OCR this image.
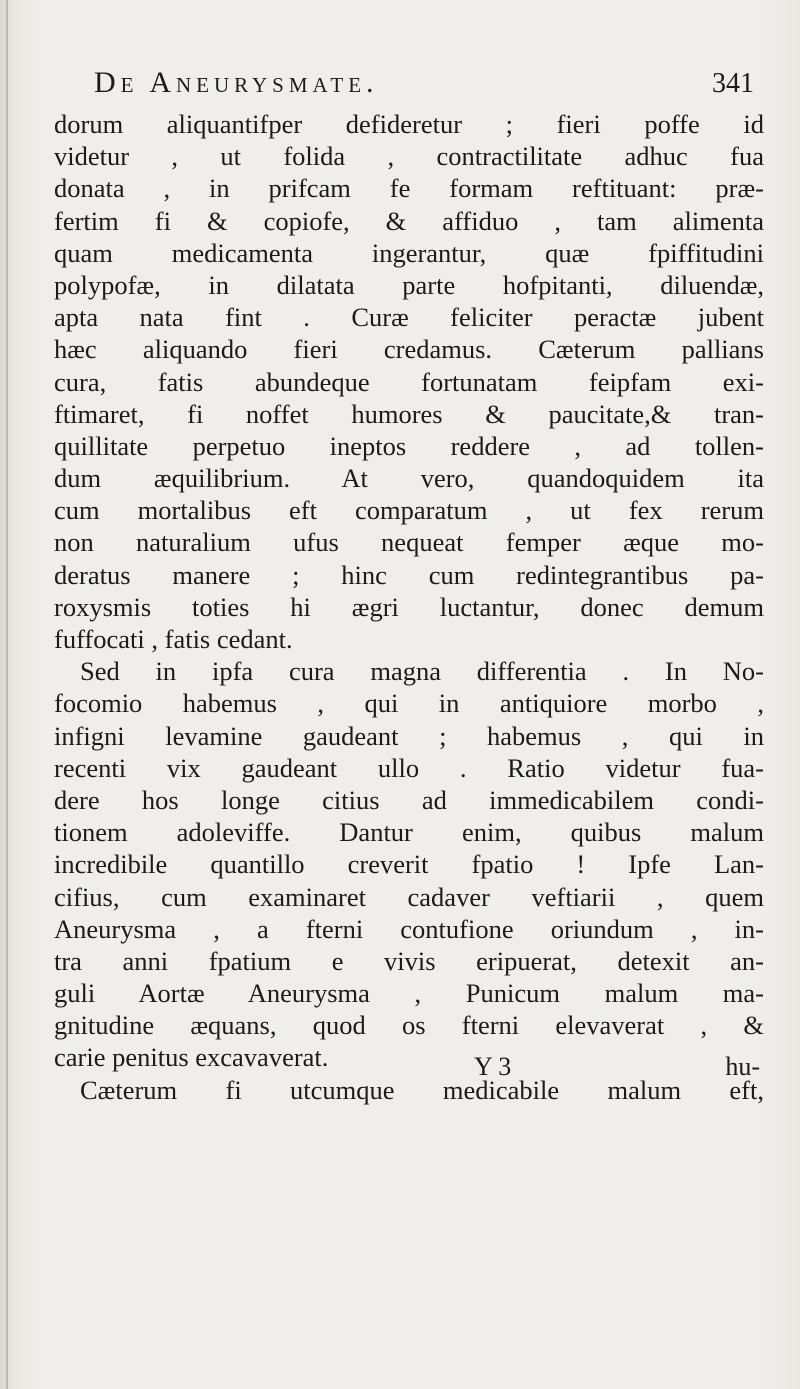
De Aneurysmate.	341
dorum aliquantifper defideretur ; fieri poffe id
videtur , ut folida , contractilitate adhuc fua
donata , in prifcam fe formam reftituant: præ-
fertim fi & copiofe, & affiduo , tam alimenta
quam medicamenta ingerantur, quæ fpiffitudini
polypofæ, in dilatata parte hofpitanti, diluendæ,
apta nata fint . Curæ feliciter peractæ jubent
hæc aliquando fieri credamus. Cæterum pallians
cura, fatis abundeque fortunatam feipfam exi-
ftimaret, fi noffet humores & paucitate,& tran-
quillitate perpetuo ineptos reddere , ad tollen-
dum æquilibrium. At vero, quandoquidem ita
cum mortalibus eft comparatum , ut fex rerum
non naturalium ufus nequeat femper æque mo-
deratus manere ; hinc cum redintegrantibus pa-
roxysmis toties hi ægri luctantur, donec demum
fuffocati , fatis cedant.
Sed in ipfa cura magna differentia . In No-
focomio habemus , qui in antiquiore morbo ,
infigni levamine gaudeant ; habemus , qui in
recenti vix gaudeant ullo . Ratio videtur fua-
dere hos longe citius ad immedicabilem condi-
tionem adoleviffe. Dantur enim, quibus malum
incredibile quantillo creverit fpatio ! Ipfe Lan-
cifius, cum examinaret cadaver veftiarii , quem
Aneurysma , a fterni contufione oriundum , in-
tra anni fpatium e vivis eripuerat, detexit an-
guli Aortæ Aneurysma , Punicum malum ma-
gnitudine æquans, quod os fterni elevaverat , &
carie penitus excavaverat.
Cæterum fi utcumque medicabile malum eft,
Y 3	hu-
